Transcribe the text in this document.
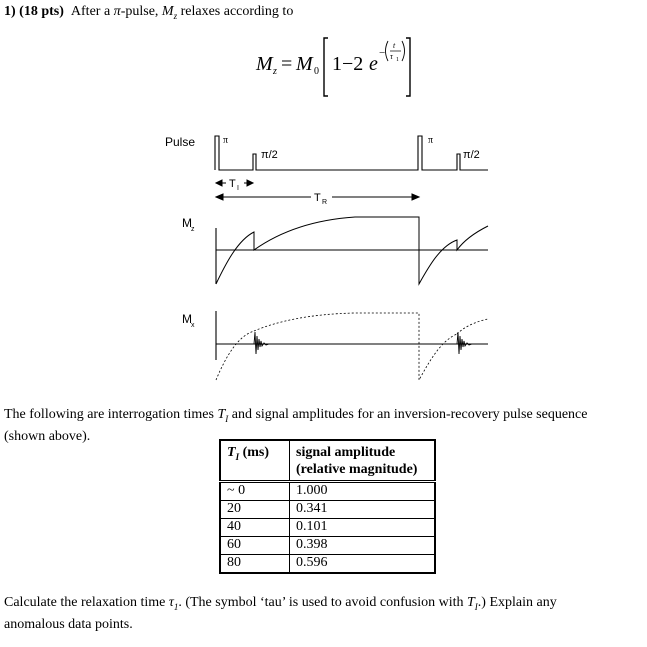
1) (18 pts) After a π-pulse, $M_z$ relaxes according to
M z = M 0 1−2 e −
t
τ 1
Pulse	π
π/2
π
π/2
T I
T R
M z
M x
The following are interrogation times $T_I$ and signal amplitudes for an inversion-recovery pulse sequence
(shown above).
$T_I$ (ms)	signal amplitude
(relative magnitude)
~ 0	1.000
20	0.341
40	0.101
60	0.398
80	0.596
Calculate the relaxation time $\tau_1$. (The symbol ‘tau’ is used to avoid confusion with $T_I$.) Explain any
anomalous data points.
